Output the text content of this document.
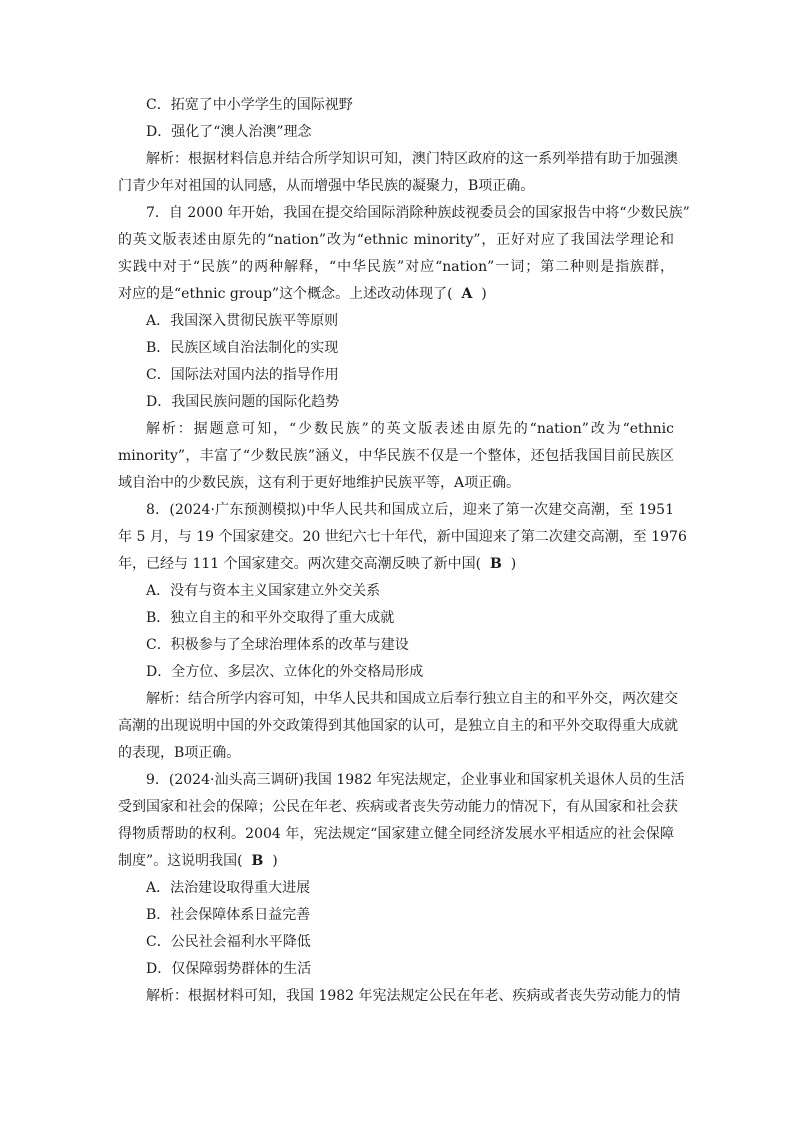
C．拓宽了中小学学生的国际视野
D．强化了“澳人治澳”理念
解析：根据材料信息并结合所学知识可知，澳门特区政府的这一系列举措有助于加强澳
门青少年对祖国的认同感，从而增强中华民族的凝聚力，B项正确。
7．自 2000 年开始，我国在提交给国际消除种族歧视委员会的国家报告中将“少数民族”
的英文版表述由原先的“nation”改为“ethnic minority”，正好对应了我国法学理论和
实践中对于“民族”的两种解释，“中华民族”对应“nation”一词；第二种则是指族群，
对应的是“ethnic group”这个概念。上述改动体现了( A )
A．我国深入贯彻民族平等原则
B．民族区域自治法制化的实现
C．国际法对国内法的指导作用
D．我国民族问题的国际化趋势
解析：据题意可知，“少数民族”的英文版表述由原先的“nation”改为“ethnic
minority”，丰富了“少数民族”涵义，中华民族不仅是一个整体，还包括我国目前民族区
域自治中的少数民族，这有利于更好地维护民族平等，A项正确。
8．(2024·广东预测模拟)中华人民共和国成立后，迎来了第一次建交高潮，至 1951
年 5 月，与 19 个国家建交。20 世纪六七十年代，新中国迎来了第二次建交高潮，至 1976
年，已经与 111 个国家建交。两次建交高潮反映了新中国( B )
A．没有与资本主义国家建立外交关系
B．独立自主的和平外交取得了重大成就
C．积极参与了全球治理体系的改革与建设
D．全方位、多层次、立体化的外交格局形成
解析：结合所学内容可知，中华人民共和国成立后奉行独立自主的和平外交，两次建交
高潮的出现说明中国的外交政策得到其他国家的认可，是独立自主的和平外交取得重大成就
的表现，B项正确。
9．(2024·汕头高三调研)我国 1982 年宪法规定，企业事业和国家机关退休人员的生活
受到国家和社会的保障；公民在年老、疾病或者丧失劳动能力的情况下，有从国家和社会获
得物质帮助的权利。2004 年，宪法规定“国家建立健全同经济发展水平相适应的社会保障
制度”。这说明我国( B )
A．法治建设取得重大进展
B．社会保障体系日益完善
C．公民社会福利水平降低
D．仅保障弱势群体的生活
解析：根据材料可知，我国 1982 年宪法规定公民在年老、疾病或者丧失劳动能力的情
